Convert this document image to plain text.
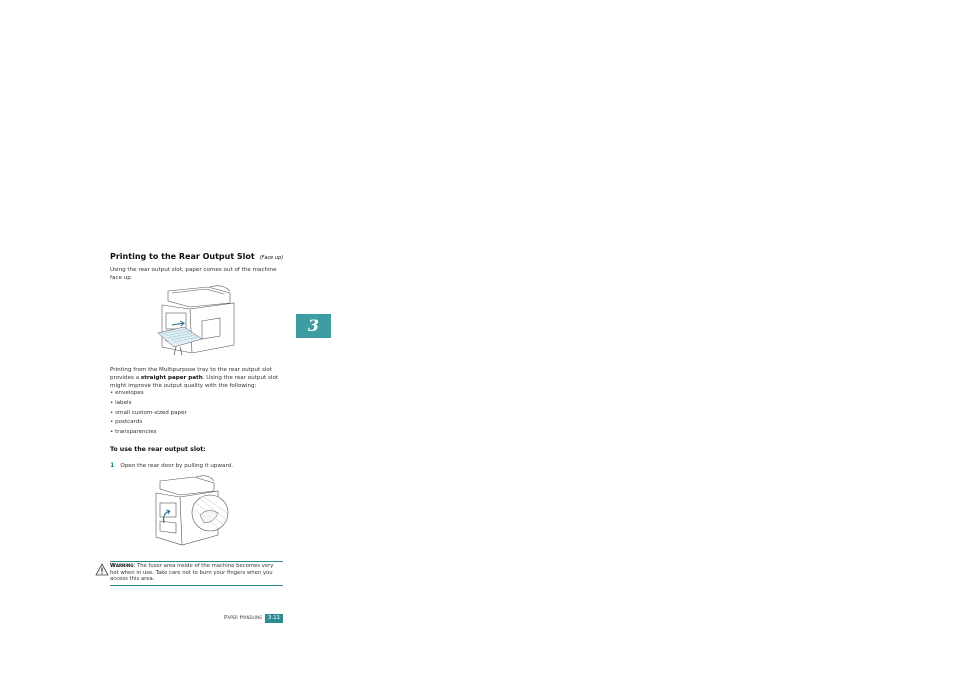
Printing to the Rear Output Slot (Face up)
Using the rear output slot, paper comes out of the machine face up.
Printing from the Multipurpose tray to the rear output slot provides a straight paper path. Using the rear output slot might improve the output quality with the following:
• envelopes
• labels
• small custom-sized paper
• postcards
• transparencies
To use the rear output slot:
1 Open the rear door by pulling it upward.
Warning: The fuser area inside of the machine becomes very hot when in use. Take care not to burn your fingers when you access this area.
3
Paper Handling	3.11
